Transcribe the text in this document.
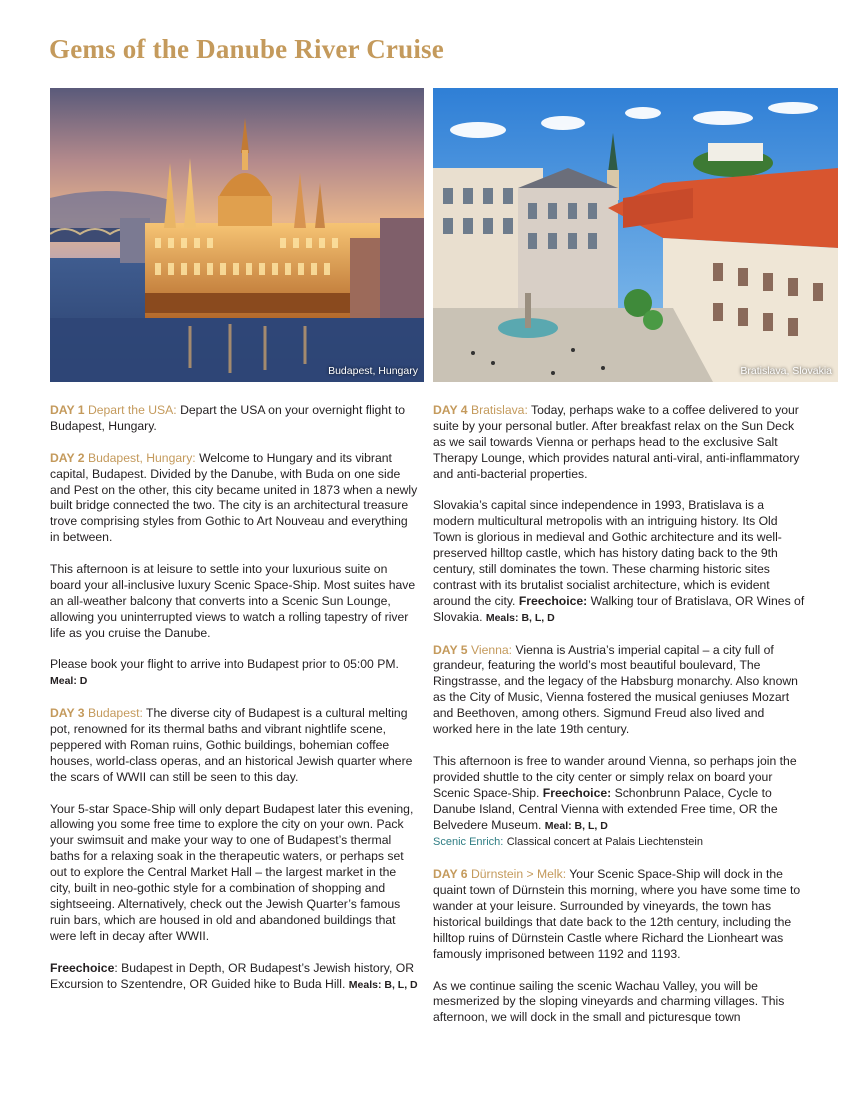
Gems of the Danube River Cruise
Budapest, Hungary	Bratislava, Slovakia

DAY 1 Depart the USA: Depart the USA on your overnight flight to Budapest, Hungary.

DAY 2 Budapest, Hungary: Welcome to Hungary and its vibrant capital, Budapest. Divided by the Danube, with Buda on one side and Pest on the other, this city became united in 1873 when a newly built bridge connected the two. The city is an architectural treasure trove comprising styles from Gothic to Art Nouveau and everything in between.

This afternoon is at leisure to settle into your luxurious suite on board your all-inclusive luxury Scenic Space-Ship. Most suites have an all-weather balcony that converts into a Scenic Sun Lounge, allowing you uninterrupted views to watch a rolling tapestry of river life as you cruise the Danube.

Please book your flight to arrive into Budapest prior to 05:00 PM. Meal: D

DAY 3 Budapest: The diverse city of Budapest is a cultural melting pot, renowned for its thermal baths and vibrant nightlife scene, peppered with Roman ruins, Gothic buildings, bohemian coffee houses, world-class operas, and an historical Jewish quarter where the scars of WWII can still be seen to this day.

Your 5-star Space-Ship will only depart Budapest later this evening, allowing you some free time to explore the city on your own. Pack your swimsuit and make your way to one of Budapest’s thermal baths for a relaxing soak in the therapeutic waters, or perhaps set out to explore the Central Market Hall – the largest market in the city, built in neo-gothic style for a combination of shopping and sightseeing. Alternatively, check out the Jewish Quarter’s famous ruin bars, which are housed in old and abandoned buildings that were left in decay after WWII.

Freechoice: Budapest in Depth, OR Budapest’s Jewish history, OR Excursion to Szentendre, OR Guided hike to Buda Hill. Meals: B, L, D

DAY 4 Bratislava: Today, perhaps wake to a coffee delivered to your suite by your personal butler. After breakfast relax on the Sun Deck as we sail towards Vienna or perhaps head to the exclusive Salt Therapy Lounge, which provides natural anti-viral, anti-inflammatory and anti-bacterial properties.

Slovakia’s capital since independence in 1993, Bratislava is a modern multicultural metropolis with an intriguing history. Its Old Town is glorious in medieval and Gothic architecture and its well-preserved hilltop castle, which has history dating back to the 9th century, still dominates the town. These charming historic sites contrast with its brutalist socialist architecture, which is evident around the city. Freechoice: Walking tour of Bratislava, OR Wines of Slovakia. Meals: B, L, D

DAY 5 Vienna: Vienna is Austria’s imperial capital – a city full of grandeur, featuring the world’s most beautiful boulevard, The Ringstrasse, and the legacy of the Habsburg monarchy. Also known as the City of Music, Vienna fostered the musical geniuses Mozart and Beethoven, among others. Sigmund Freud also lived and worked here in the late 19th century.

This afternoon is free to wander around Vienna, so perhaps join the provided shuttle to the city center or simply relax on board your Scenic Space-Ship. Freechoice: Schonbrunn Palace, Cycle to Danube Island, Central Vienna with extended Free time, OR the Belvedere Museum. Meal: B, L, D

Scenic Enrich: Classical concert at Palais Liechtenstein

DAY 6 Dürnstein > Melk: Your Scenic Space-Ship will dock in the quaint town of Dürnstein this morning, where you have some time to wander at your leisure. Surrounded by vineyards, the town has historical buildings that date back to the 12th century, including the hilltop ruins of Dürnstein Castle where Richard the Lionheart was famously imprisoned between 1192 and 1193.

As we continue sailing the scenic Wachau Valley, you will be mesmerized by the sloping vineyards and charming villages. This afternoon, we will dock in the small and picturesque town
